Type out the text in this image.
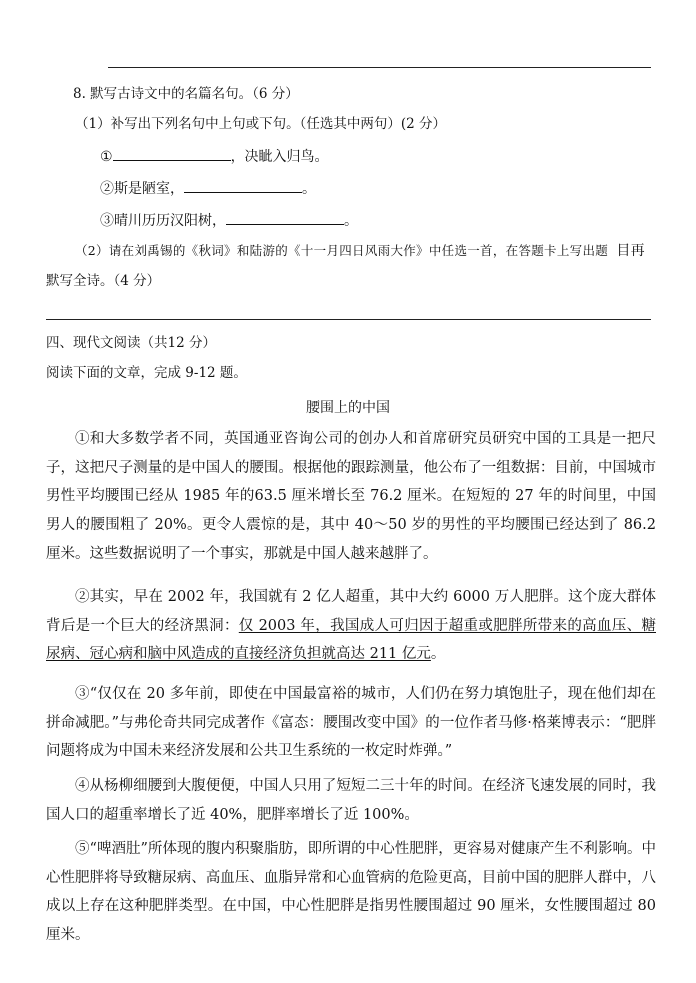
8. 默写古诗文中的名篇名句。（6 分）
（1）补写出下列名句中上句或下句。（任选其中两句）(2 分）
①	，决眦入归鸟。
②斯是陋室，	。
③晴川历历汉阳树，	。
（2）请在刘禹锡的《秋词》和陆游的《十一月四日风雨大作》中任选一首，在答题卡上写出题 目再
默写全诗。（4 分）
四、现代文阅读（共12 分）
阅读下面的文章，完成 9-12 题。
腰围上的中国
①和大多数学者不同，英国通亚咨询公司的创办人和首席研究员研究中国的工具是一把尺子，这把尺子测量的是中国人的腰围。根据他的跟踪测量，他公布了一组数据：目前，中国城市男性平均腰围已经从 1985 年的63.5 厘米增长至 76.2 厘米。在短短的 27 年的时间里，中国男人的腰围粗了 20%。更令人震惊的是，其中 40～50 岁的男性的平均腰围已经达到了 86.2 厘米。这些数据说明了一个事实，那就是中国人越来越胖了。
②其实，早在 2002 年，我国就有 2 亿人超重，其中大约 6000 万人肥胖。这个庞大群体背后是一个巨大的经济黑洞：仅 2003 年，我国成人可归因于超重或肥胖所带来的高血压、糖尿病、冠心病和脑中风造成的直接经济负担就高达 211 亿元。
③“仅仅在 20 多年前，即使在中国最富裕的城市，人们仍在努力填饱肚子，现在他们却在拼命减肥。”与弗伦奇共同完成著作《富态：腰围改变中国》的一位作者马修·格莱博表示：“肥胖问题将成为中国未来经济发展和公共卫生系统的一枚定时炸弹。”
④从杨柳细腰到大腹便便，中国人只用了短短二三十年的时间。在经济飞速发展的同时，我国人口的超重率增长了近 40%，肥胖率增长了近 100%。
⑤“啤酒肚”所体现的腹内积聚脂肪，即所谓的中心性肥胖，更容易对健康产生不利影响。中心性肥胖将导致糖尿病、高血压、血脂异常和心血管病的危险更高，目前中国的肥胖人群中，八成以上存在这种肥胖类型。在中国，中心性肥胖是指男性腰围超过 90 厘米，女性腰围超过 80 厘米。
